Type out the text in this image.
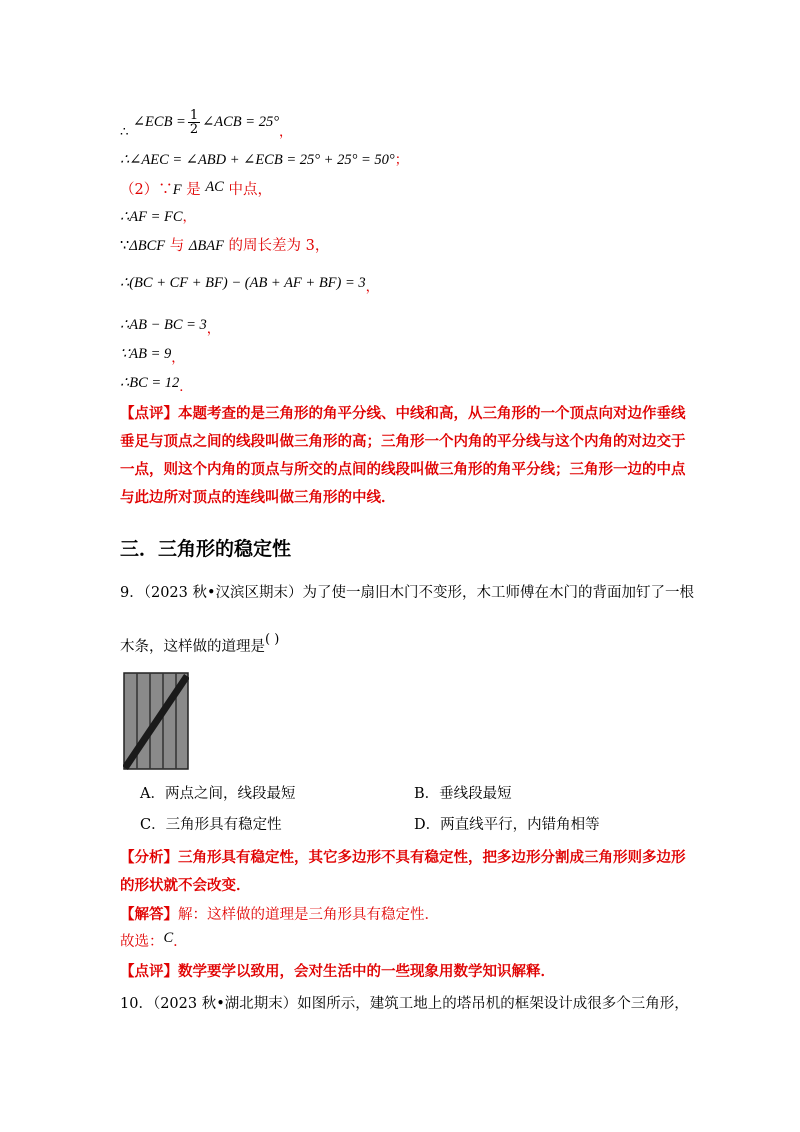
∴ ∠ECB = $\frac{1}{2}$ ∠ACB = 25°，
∴∠AEC = ∠ABD + ∠ECB = 25° + 25° = 50°；
（2）∵F 是 AC 中点，
∴AF = FC，
∵ΔBCF 与 ΔBAF 的周长差为 3，
∴(BC + CF + BF) − (AB + AF + BF) = 3，
∴AB − BC = 3，
∵AB = 9，
∴BC = 12．
【点评】本题考查的是三角形的角平分线、中线和高，从三角形的一个顶点向对边作垂线垂足与顶点之间的线段叫做三角形的高；三角形一个内角的平分线与这个内角的对边交于一点，则这个内角的顶点与所交的点间的线段叫做三角形的角平分线；三角形一边的中点与此边所对顶点的连线叫做三角形的中线．
三．三角形的稳定性
9．（2023 秋•汉滨区期末）为了使一扇旧木门不变形，木工师傅在木门的背面加钉了一根
木条，这样做的道理是( )
A．两点之间，线段最短	B．垂线段最短
C．三角形具有稳定性	D．两直线平行，内错角相等
【分析】三角形具有稳定性，其它多边形不具有稳定性，把多边形分割成三角形则多边形的形状就不会改变．
【解答】解：这样做的道理是三角形具有稳定性．
故选：C．
【点评】数学要学以致用，会对生活中的一些现象用数学知识解释．
10．（2023 秋•湖北期末）如图所示，建筑工地上的塔吊机的框架设计成很多个三角形，
